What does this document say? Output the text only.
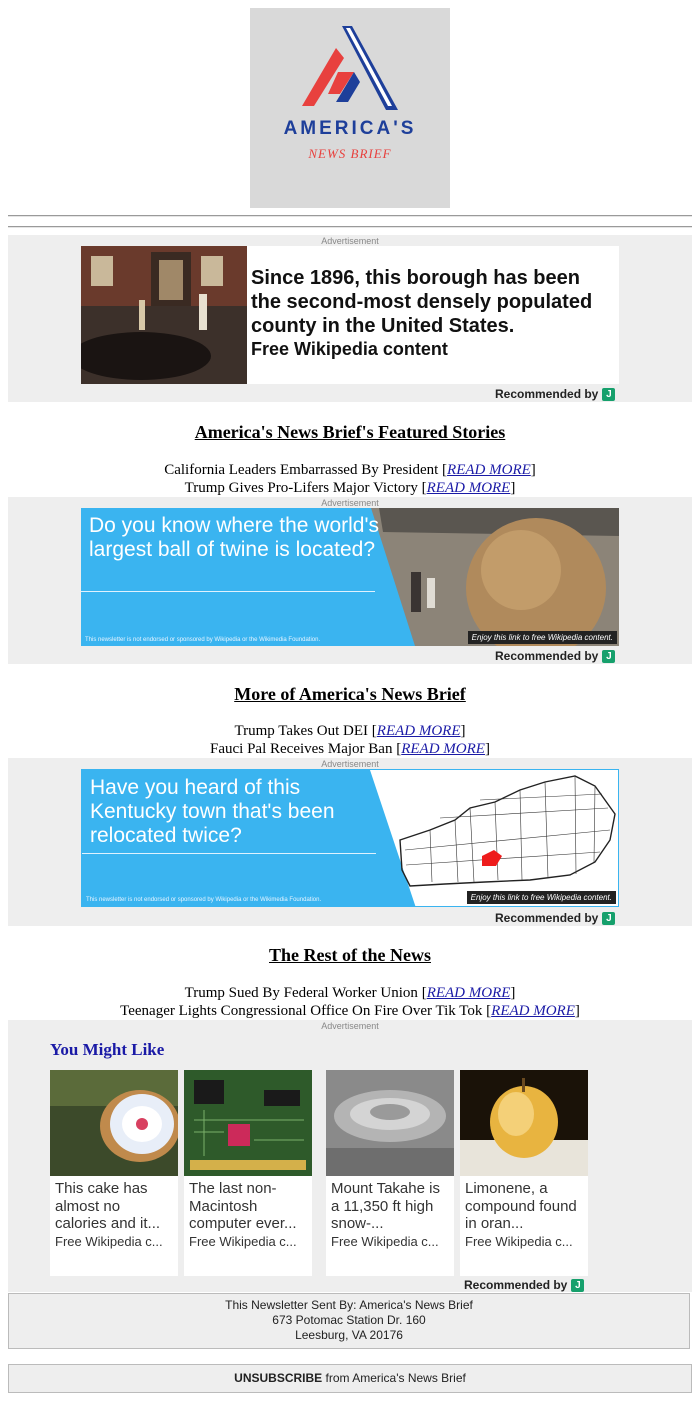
AMERICA'S
NEWS BRIEF
Advertisement
Since 1896, this borough has been the second-most densely populated county in the United States.
Free Wikipedia content
Recommended by J
America's News Brief's Featured Stories
California Leaders Embarrassed By President [READ MORE]
Trump Gives Pro-Lifers Major Victory [READ MORE]
Advertisement
Do you know where the world's largest ball of twine is located?
This newsletter is not endorsed or sponsored by Wikipedia or the Wikimedia Foundation.	Enjoy this link to free Wikipedia content.
Recommended by J
More of America's News Brief
Trump Takes Out DEI [READ MORE]
Fauci Pal Receives Major Ban [READ MORE]
Advertisement
Have you heard of this Kentucky town that's been relocated twice?
This newsletter is not endorsed or sponsored by Wikipedia or the Wikimedia Foundation.	Enjoy this link to free Wikipedia content.
Recommended by J
The Rest of the News
Trump Sued By Federal Worker Union [READ MORE]
Teenager Lights Congressional Office On Fire Over Tik Tok [READ MORE]
Advertisement
You Might Like
This cake has almost no calories and it...
Free Wikipedia c...
The last non-Macintosh computer ever...
Free Wikipedia c...
Mount Takahe is a 11,350 ft high snow-...
Free Wikipedia c...
Limonene, a compound found in oran...
Free Wikipedia c...
Recommended by J
This Newsletter Sent By: America's News Brief
673 Potomac Station Dr. 160
Leesburg, VA 20176
UNSUBSCRIBE from America's News Brief
